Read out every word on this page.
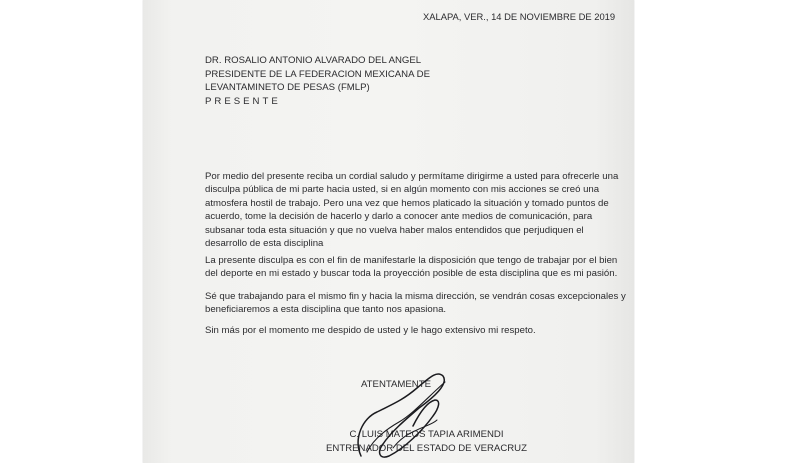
XALAPA, VER., 14 DE NOVIEMBRE DE 2019
DR. ROSALIO ANTONIO ALVARADO DEL ANGEL
PRESIDENTE DE LA FEDERACION MEXICANA DE
LEVANTAMINETO DE PESAS (FMLP)
PRESENTE
Por medio del presente reciba un cordial saludo y permítame dirigirme a usted para ofrecerle una
disculpa pública de mi parte hacia usted, si en algún momento con mis acciones se creó una
atmosfera hostil de trabajo. Pero una vez que hemos platicado la situación y tomado puntos de
acuerdo, tome la decisión de hacerlo y darlo a conocer ante medios de comunicación, para
subsanar toda esta situación y que no vuelva haber malos entendidos que perjudiquen el
desarrollo de esta disciplina
La presente disculpa es con el fin de manifestarle la disposición que tengo de trabajar por el bien
del deporte en mi estado y buscar toda la proyección posible de esta disciplina que es mi pasión.
Sé que trabajando para el mismo fin y hacia la misma dirección, se vendrán cosas excepcionales y
beneficiaremos a esta disciplina que tanto nos apasiona.
Sin más por el momento me despido de usted y le hago extensivo mi respeto.
ATENTAMENTE
C. LUIS MATEOS TAPIA ARIMENDI
ENTRENADOR DEL ESTADO DE VERACRUZ
